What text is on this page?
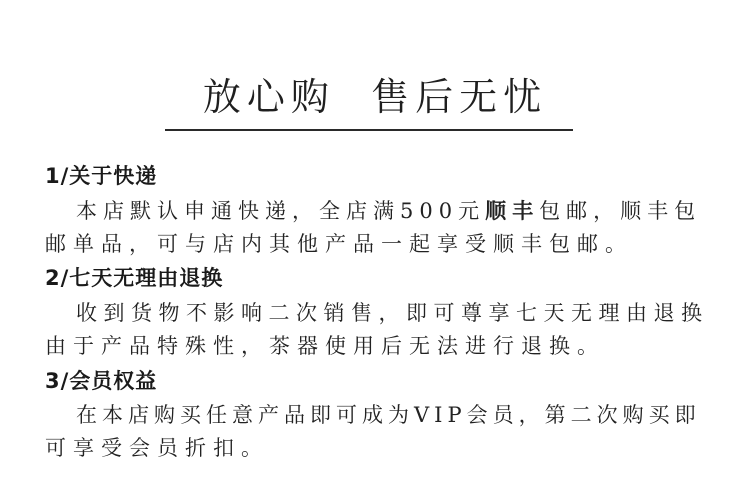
放心购  售后无忧
1/关于快递
本店默认申通快递，全店满500元顺丰包邮，顺丰包
邮单品，可与店内其他产品一起享受顺丰包邮。
2/七天无理由退换
收到货物不影响二次销售，即可尊享七天无理由退换
由于产品特殊性，茶器使用后无法进行退换。
3/会员权益
在本店购买任意产品即可成为VIP会员，第二次购买即
可享受会员折扣。
